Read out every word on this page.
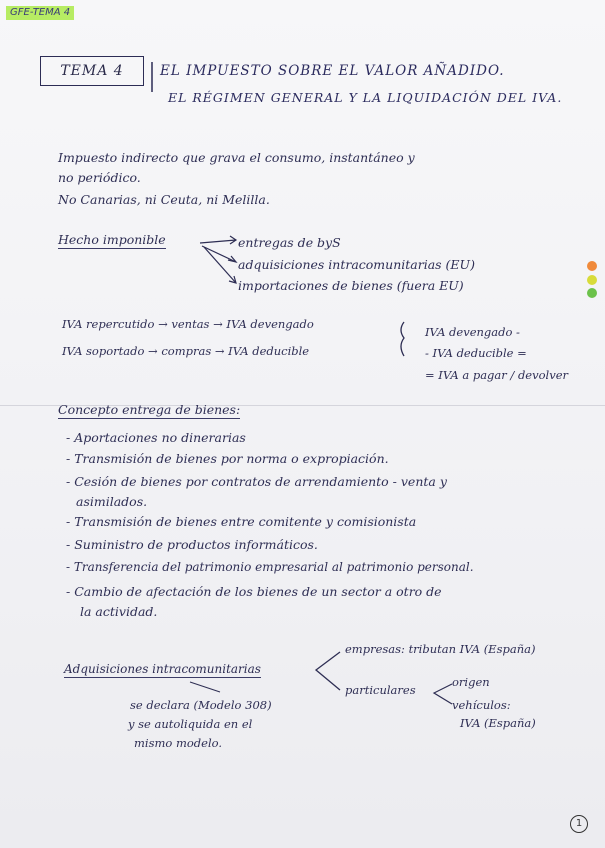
GFE-TEMA 4
TEMA 4	EL IMPUESTO SOBRE EL VALOR AÑADIDO.
EL RÉGIMEN GENERAL Y LA LIQUIDACIÓN DEL IVA.
Impuesto indirecto que grava el consumo, instantáneo y
no periódico.
No Canarias, ni Ceuta, ni Melilla.
Hecho imponible	entregas de byS
adquisiciones intracomunitarias (EU)
importaciones de bienes (fuera EU)
IVA repercutido → ventas → IVA devengado
IVA soportado → compras → IVA deducible
IVA devengado -
- IVA deducible =
= IVA a pagar / devolver
Concepto entrega de bienes:
- Aportaciones no dinerarias
- Transmisión de bienes por norma o expropiación.
- Cesión de bienes por contratos de arrendamiento - venta y
asimilados.
- Transmisión de bienes entre comitente y comisionista
- Suministro de productos informáticos.
- Transferencia del patrimonio empresarial al patrimonio personal.
- Cambio de afectación de los bienes de un sector a otro de
la actividad.
Adquisiciones intracomunitarias
empresas: tributan IVA (España)
particulares
origen
vehículos:
IVA (España)
se declara (Modelo 308)
y se autoliquida en el
mismo modelo.
1
